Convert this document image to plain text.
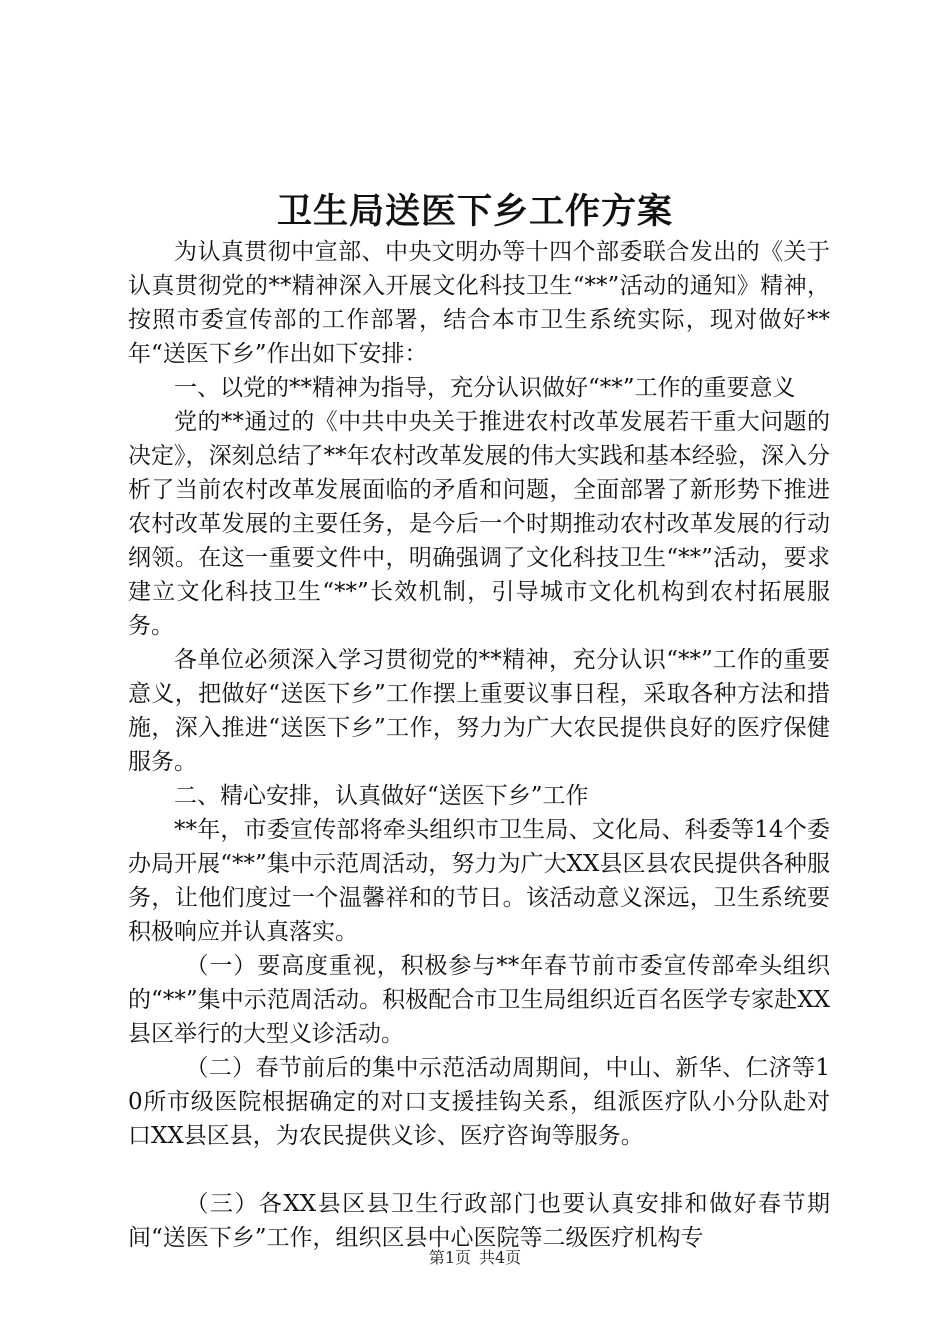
卫生局送医下乡工作方案

为认真贯彻中宣部、中央文明办等十四个部委联合发出的《关于认真贯彻党的**精神深入开展文化科技卫生“**”活动的通知》精神，按照市委宣传部的工作部署，结合本市卫生系统实际，现对做好**年“送医下乡”作出如下安排：

一、以党的**精神为指导，充分认识做好“**”工作的重要意义

党的**通过的《中共中央关于推进农村改革发展若干重大问题的决定》，深刻总结了**年农村改革发展的伟大实践和基本经验，深入分析了当前农村改革发展面临的矛盾和问题，全面部署了新形势下推进农村改革发展的主要任务，是今后一个时期推动农村改革发展的行动纲领。在这一重要文件中，明确强调了文化科技卫生“**”活动，要求建立文化科技卫生“**”长效机制，引导城市文化机构到农村拓展服务。

各单位必须深入学习贯彻党的**精神，充分认识“**”工作的重要意义，把做好“送医下乡”工作摆上重要议事日程，采取各种方法和措施，深入推进“送医下乡”工作，努力为广大农民提供良好的医疗保健服务。

二、精心安排，认真做好“送医下乡”工作

**年，市委宣传部将牵头组织市卫生局、文化局、科委等14个委办局开展“**”集中示范周活动，努力为广大XX县区县农民提供各种服务，让他们度过一个温馨祥和的节日。该活动意义深远，卫生系统要积极响应并认真落实。

（一）要高度重视，积极参与**年春节前市委宣传部牵头组织的“**”集中示范周活动。积极配合市卫生局组织近百名医学专家赴XX县区举行的大型义诊活动。

（二）春节前后的集中示范活动周期间，中山、新华、仁济等10所市级医院根据确定的对口支援挂钩关系，组派医疗队小分队赴对口XX县区县，为农民提供义诊、医疗咨询等服务。

（三）各XX县区县卫生行政部门也要认真安排和做好春节期间“送医下乡”工作，组织区县中心医院等二级医疗机构专

第1页 共4页
